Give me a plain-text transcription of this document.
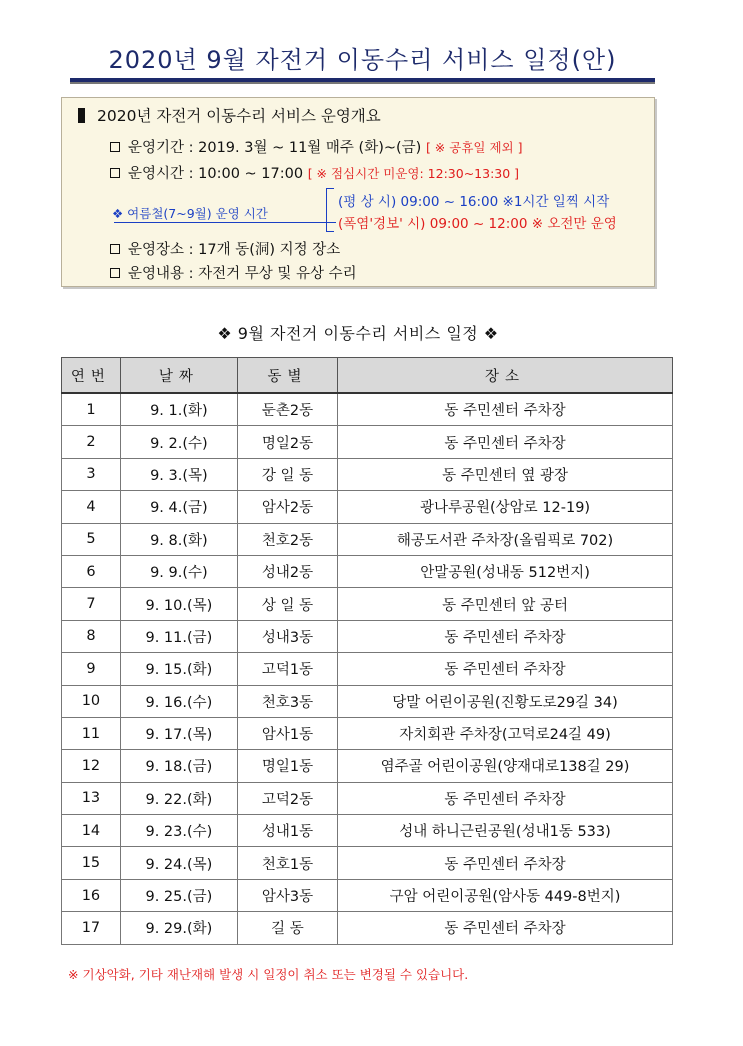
2020년 9월 자전거 이동수리 서비스 일정(안)
2020년 자전거 이동수리 서비스 운영개요
운영기간 : 2019. 3월 ~ 11월 매주 (화)~(금) [ ※ 공휴일 제외 ]
운영시간 : 10:00 ~ 17:00 [ ※ 점심시간 미운영: 12:30~13:30 ]
❖ 여름철(7~9월) 운영 시간
(평 상 시) 09:00 ~ 16:00 ※1시간 일찍 시작
(폭염'경보' 시) 09:00 ~ 12:00 ※ 오전만 운영
운영장소 : 17개 동(洞) 지정 장소
운영내용 : 자전거 무상 및 유상 수리
❖ 9월 자전거 이동수리 서비스 일정 ❖
연번	날짜	동별	장소
1	9. 1.(화)	둔촌2동	동 주민센터 주차장
2	9. 2.(수)	명일2동	동 주민센터 주차장
3	9. 3.(목)	강 일 동	동 주민센터 옆 광장
4	9. 4.(금)	암사2동	광나루공원(상암로 12-19)
5	9. 8.(화)	천호2동	해공도서관 주차장(올림픽로 702)
6	9. 9.(수)	성내2동	안말공원(성내동 512번지)
7	9. 10.(목)	상 일 동	동 주민센터 앞 공터
8	9. 11.(금)	성내3동	동 주민센터 주차장
9	9. 15.(화)	고덕1동	동 주민센터 주차장
10	9. 16.(수)	천호3동	당말 어린이공원(진황도로29길 34)
11	9. 17.(목)	암사1동	자치회관 주차장(고덕로24길 49)
12	9. 18.(금)	명일1동	염주골 어린이공원(양재대로138길 29)
13	9. 22.(화)	고덕2동	동 주민센터 주차장
14	9. 23.(수)	성내1동	성내 하니근린공원(성내1동 533)
15	9. 24.(목)	천호1동	동 주민센터 주차장
16	9. 25.(금)	암사3동	구암 어린이공원(암사동 449-8번지)
17	9. 29.(화)	길 동	동 주민센터 주차장
※ 기상악화, 기타 재난재해 발생 시 일정이 취소 또는 변경될 수 있습니다.
